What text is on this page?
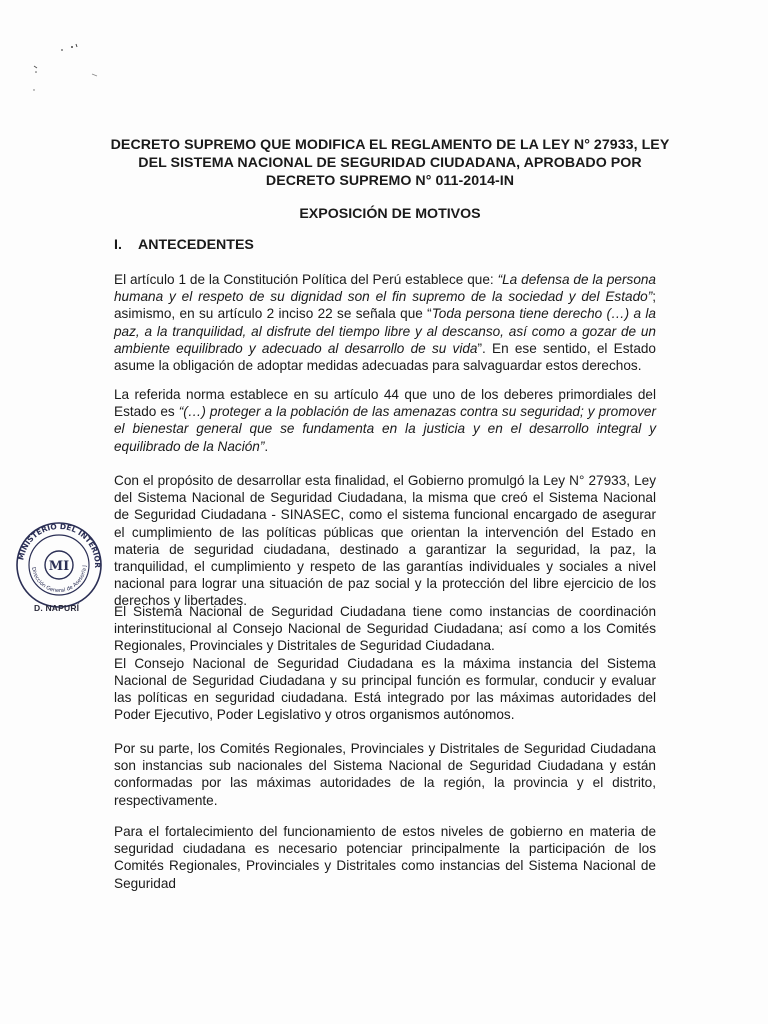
DECRETO SUPREMO QUE MODIFICA EL REGLAMENTO DE LA LEY N° 27933, LEY
DEL SISTEMA NACIONAL DE SEGURIDAD CIUDADANA, APROBADO POR
DECRETO SUPREMO N° 011-2014-IN
EXPOSICIÓN DE MOTIVOS
I. ANTECEDENTES

El artículo 1 de la Constitución Política del Perú establece que: “La defensa de la persona humana y el respeto de su dignidad son el fin supremo de la sociedad y del Estado”; asimismo, en su artículo 2 inciso 22 se señala que “Toda persona tiene derecho (…) a la paz, a la tranquilidad, al disfrute del tiempo libre y al descanso, así como a gozar de un ambiente equilibrado y adecuado al desarrollo de su vida”. En ese sentido, el Estado asume la obligación de adoptar medidas adecuadas para salvaguardar estos derechos.

La referida norma establece en su artículo 44 que uno de los deberes primordiales del Estado es “(…) proteger a la población de las amenazas contra su seguridad; y promover el bienestar general que se fundamenta en la justicia y en el desarrollo integral y equilibrado de la Nación”.

Con el propósito de desarrollar esta finalidad, el Gobierno promulgó la Ley N° 27933, Ley del Sistema Nacional de Seguridad Ciudadana, la misma que creó el Sistema Nacional de Seguridad Ciudadana - SINASEC, como el sistema funcional encargado de asegurar el cumplimiento de las políticas públicas que orientan la intervención del Estado en materia de seguridad ciudadana, destinado a garantizar la seguridad, la paz, la tranquilidad, el cumplimiento y respeto de las garantías individuales y sociales a nivel nacional para lograr una situación de paz social y la protección del libre ejercicio de los derechos y libertades.

El Sistema Nacional de Seguridad Ciudadana tiene como instancias de coordinación interinstitucional al Consejo Nacional de Seguridad Ciudadana; así como a los Comités Regionales, Provinciales y Distritales de Seguridad Ciudadana.

El Consejo Nacional de Seguridad Ciudadana es la máxima instancia del Sistema Nacional de Seguridad Ciudadana y su principal función es formular, conducir y evaluar las políticas en seguridad ciudadana. Está integrado por las máximas autoridades del Poder Ejecutivo, Poder Legislativo y otros organismos autónomos.

Por su parte, los Comités Regionales, Provinciales y Distritales de Seguridad Ciudadana son instancias sub nacionales del Sistema Nacional de Seguridad Ciudadana y están conformadas por las máximas autoridades de la región, la provincia y el distrito, respectivamente.

Para el fortalecimiento del funcionamiento de estos niveles de gobierno en materia de seguridad ciudadana es necesario potenciar principalmente la participación de los Comités Regionales, Provinciales y Distritales como instancias del Sistema Nacional de Seguridad

MINISTERIO DEL INTERIOR
Dirección General de Asesoría J
MI
D. NAPURÍ
